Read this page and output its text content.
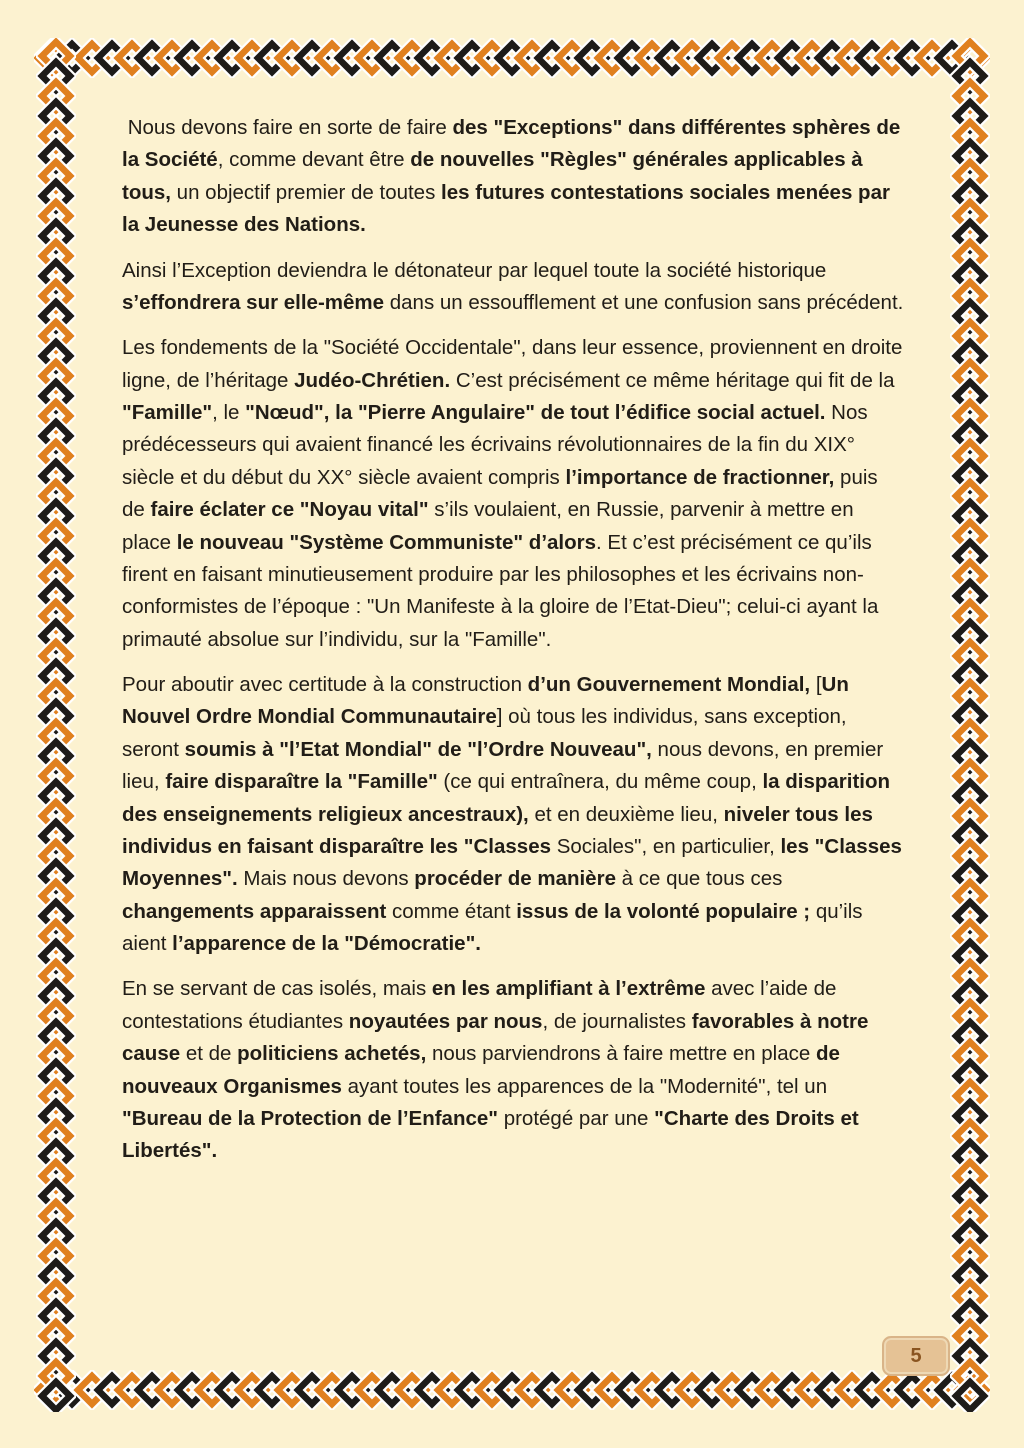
Nous devons faire en sorte de faire des "Exceptions" dans différentes sphères de la Société, comme devant être de nouvelles "Règles" générales applicables à tous, un objectif premier de toutes les futures contestations sociales menées par la Jeunesse des Nations.

Ainsi l’Exception deviendra le détonateur par lequel toute la société historique s’effondrera sur elle-même dans un essoufflement et une confusion sans précédent.

Les fondements de la "Société Occidentale", dans leur essence, proviennent en droite ligne, de l’héritage Judéo-Chrétien. C’est précisément ce même héritage qui fit de la "Famille", le "Nœud", la "Pierre Angulaire" de tout l’édifice social actuel. Nos prédécesseurs qui avaient financé les écrivains révolutionnaires de la fin du XIX° siècle et du début du XX° siècle avaient compris l’importance de fractionner, puis de faire éclater ce "Noyau vital" s’ils voulaient, en Russie, parvenir à mettre en place le nouveau "Système Communiste" d’alors. Et c’est précisément ce qu’ils firent en faisant minutieusement produire par les philosophes et les écrivains non-conformistes de l’époque : "Un Manifeste à la gloire de l’Etat-Dieu"; celui-ci ayant la primauté absolue sur l’individu, sur la "Famille".

Pour aboutir avec certitude à la construction d’un Gouvernement Mondial, [Un Nouvel Ordre Mondial Communautaire] où tous les individus, sans exception, seront soumis à "l’Etat Mondial" de "l’Ordre Nouveau", nous devons, en premier lieu, faire disparaître la "Famille" (ce qui entraînera, du même coup, la disparition des enseignements religieux ancestraux), et en deuxième lieu, niveler tous les individus en faisant disparaître les "Classes Sociales", en particulier, les "Classes Moyennes". Mais nous devons procéder de manière à ce que tous ces changements apparaissent comme étant issus de la volonté populaire ; qu’ils aient l’apparence de la "Démocratie".

En se servant de cas isolés, mais en les amplifiant à l’extrême avec l’aide de contestations étudiantes noyautées par nous, de journalistes favorables à notre cause et de politiciens achetés, nous parviendrons à faire mettre en place de nouveaux Organismes ayant toutes les apparences de la "Modernité", tel un "Bureau de la Protection de l’Enfance" protégé par une "Charte des Droits et Libertés".

5
